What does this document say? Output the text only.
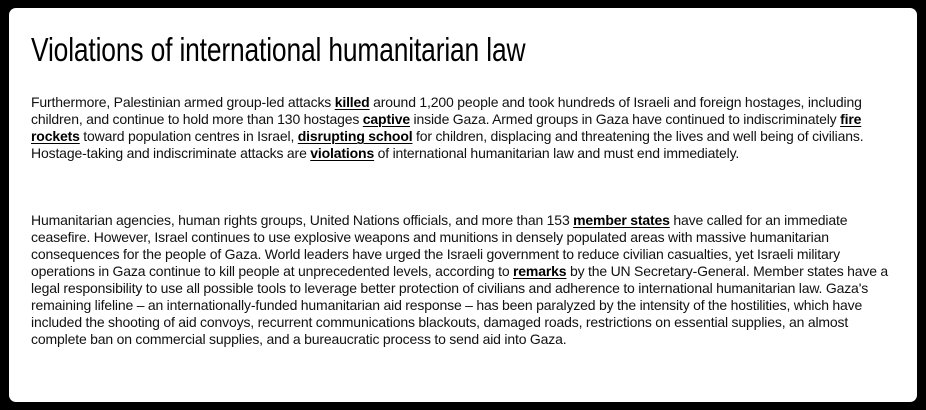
Violations of international humanitarian law

Furthermore, Palestinian armed group-led attacks killed around 1,200 people and took hundreds of Israeli and foreign hostages, including children, and continue to hold more than 130 hostages captive inside Gaza. Armed groups in Gaza have continued to indiscriminately fire rockets toward population centres in Israel, disrupting school for children, displacing and threatening the lives and well being of civilians. Hostage-taking and indiscriminate attacks are violations of international humanitarian law and must end immediately.

Humanitarian agencies, human rights groups, United Nations officials, and more than 153 member states have called for an immediate ceasefire. However, Israel continues to use explosive weapons and munitions in densely populated areas with massive humanitarian consequences for the people of Gaza. World leaders have urged the Israeli government to reduce civilian casualties, yet Israeli military operations in Gaza continue to kill people at unprecedented levels, according to remarks by the UN Secretary-General. Member states have a legal responsibility to use all possible tools to leverage better protection of civilians and adherence to international humanitarian law. Gaza's remaining lifeline – an internationally-funded humanitarian aid response – has been paralyzed by the intensity of the hostilities, which have included the shooting of aid convoys, recurrent communications blackouts, damaged roads, restrictions on essential supplies, an almost complete ban on commercial supplies, and a bureaucratic process to send aid into Gaza.
